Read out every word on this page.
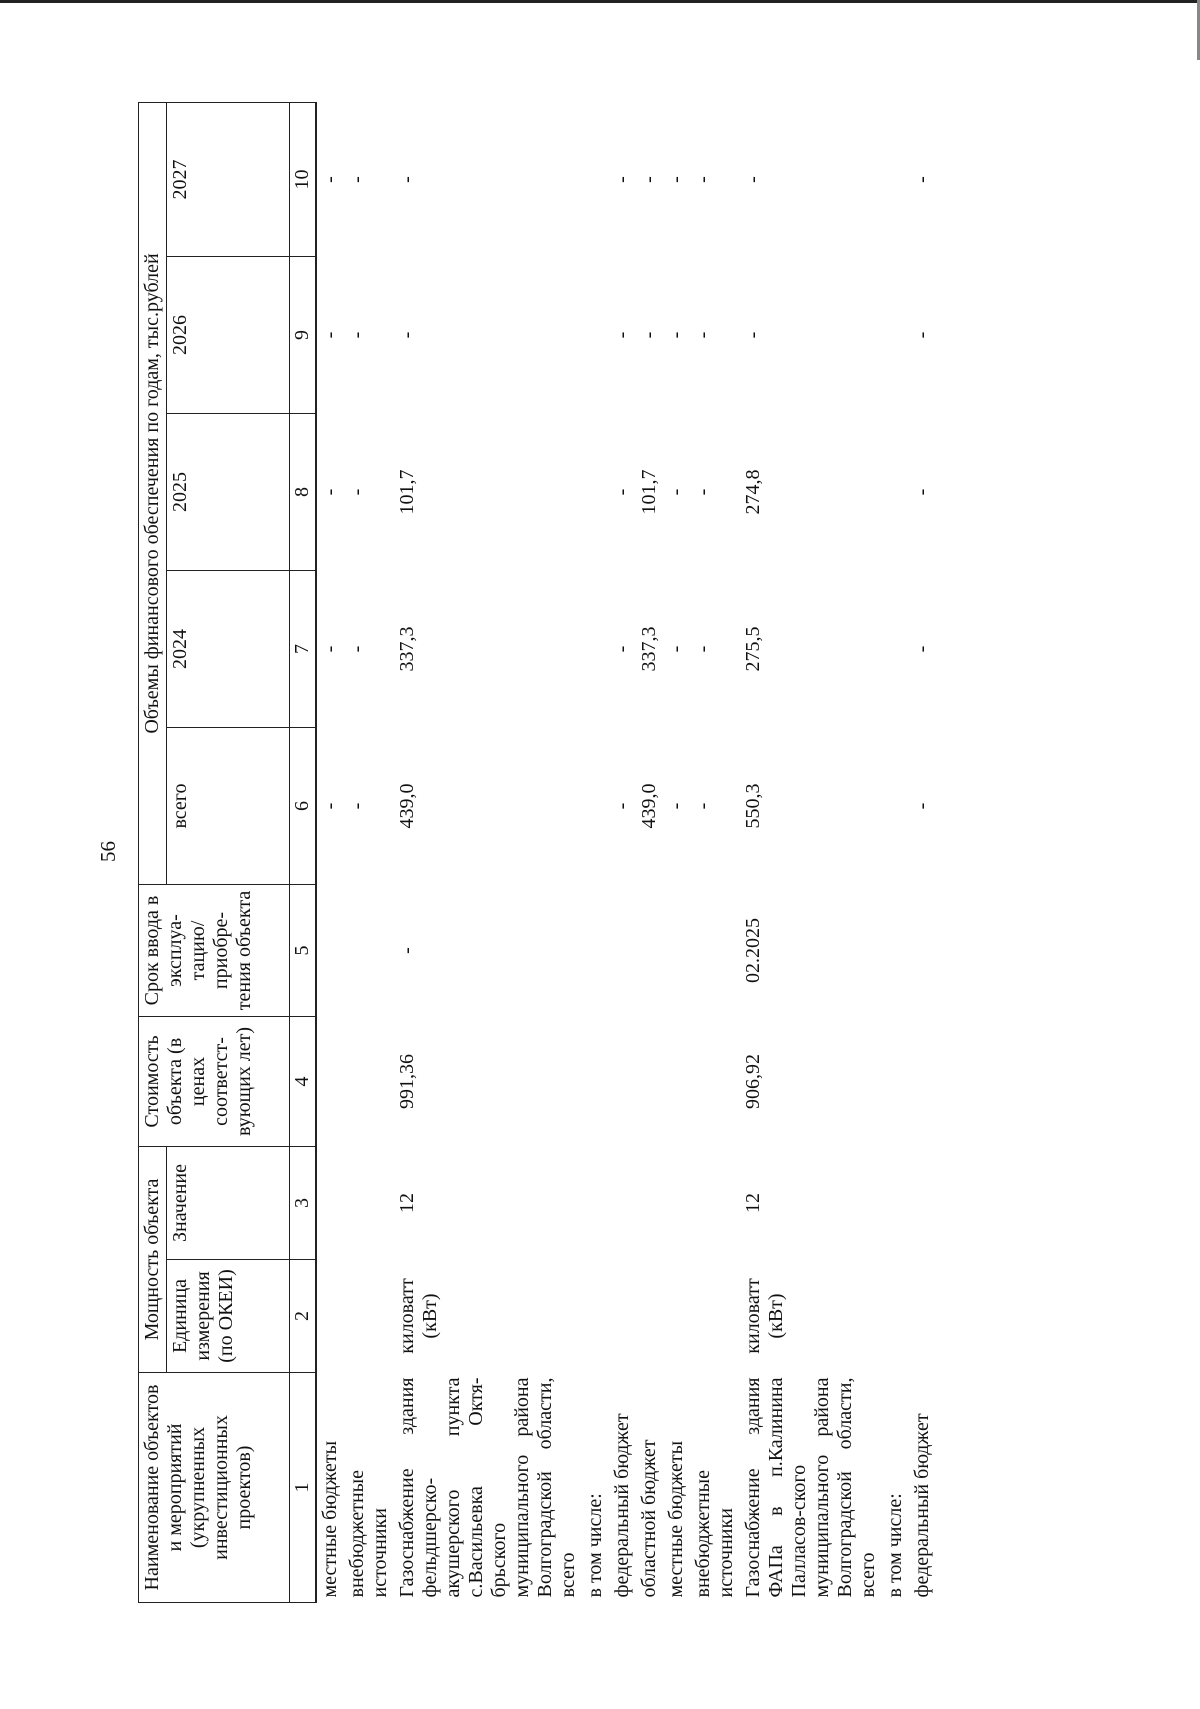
56
Наименование объектов и мероприятий (укрупненных инвестиционных проектов)	Мощность объекта		Стоимость объекта (в ценах соответст-вующих лет)	Срок ввода в эксплуа-тацию/ приобре-тения объекта	Объемы финансового обеспечения по годам, тыс.рублей				
	Единица измерения (по ОКЕИ)	Значение			всего	2024	2025	2026	2027
1	2	3	4	5	6	7	8	9	10
местные бюджеты					-	-	-	-	-
внебюджетные источники					-	-	-	-	-
Газоснабжение здания фельдшерско-акушерского пункта с.Васильевка Октя-брьского муниципального района Волгоградской области, всего	киловатт (кВт)	12	991,36	-	439,0	337,3	101,7	-	-
в том числе:									
федеральный бюджет					-	-	-	-	-
областной бюджет					439,0	337,3	101,7	-	-
местные бюджеты					-	-	-	-	-
внебюджетные источники					-	-	-	-	-
Газоснабжение здания ФАПа в п.Калинина Палласов-ского муниципального района Волгоградской области, всего	киловатт (кВт)	12	906,92	02.2025	550,3	275,5	274,8	-	-
в том числе:									
федеральный бюджет					-	-	-	-	-
